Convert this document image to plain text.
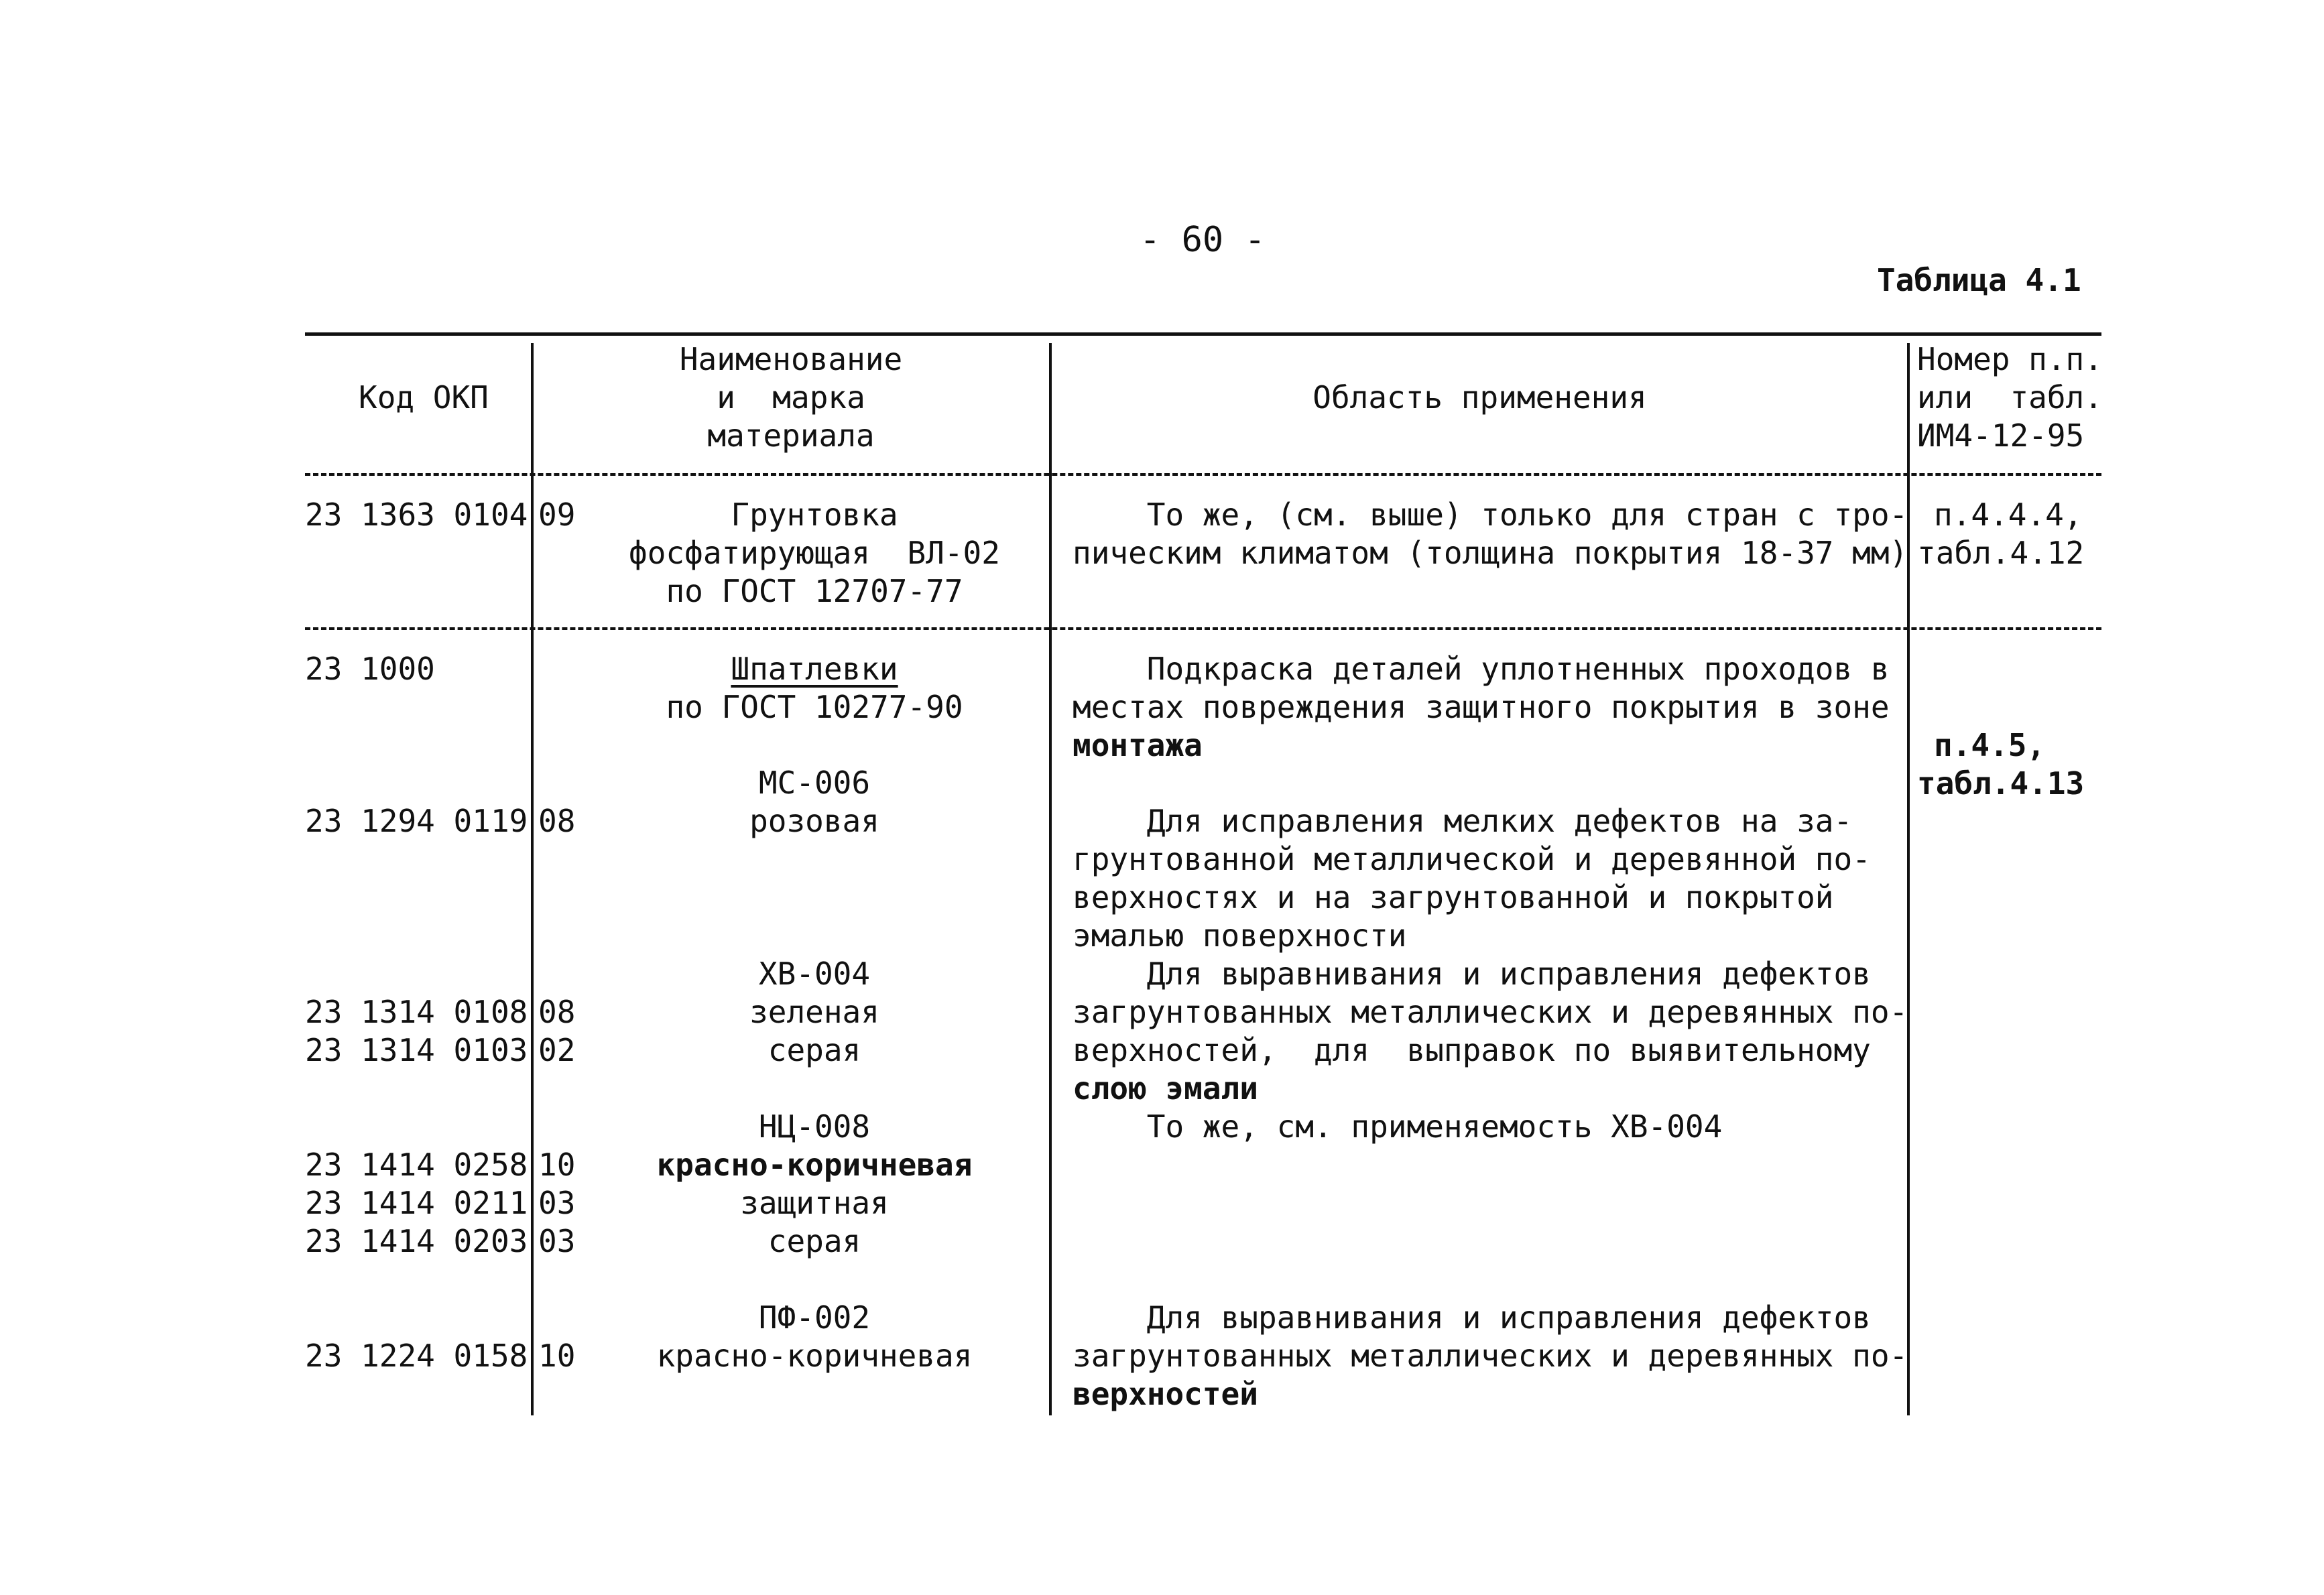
- 60 -
Таблица 4.1
Код ОКП
Наименование
и  марка
материала
Область применения
Номер п.п.
или  табл.
ИМ4-12-95
23 1363 0104
23 1000
23 1294 0119
23 1314 0108
23 1314 0103
23 1414 0258
23 1414 0211
23 1414 0203
23 1224 0158
09
08
08
02
10
03
03
10
Грунтовка
фосфатирующая  ВЛ-02
по ГОСТ 12707-77
Шпатлевки
по ГОСТ 10277-90
МС-006
розовая
ХВ-004
зеленая
серая
НЦ-008
красно-коричневая
защитная
серая
ПФ-002
красно-коричневая
То же, (см. выше) только для стран с тро-
пическим климатом (толщина покрытия 18-37 мм)
Подкраска деталей уплотненных проходов в
местах повреждения защитного покрытия в зоне
монтажа
Для исправления мелких дефектов на за-
грунтованной металлической и деревянной по-
верхностях и на загрунтованной и покрытой
эмалью поверхности
Для выравнивания и исправления дефектов
загрунтованных металлических и деревянных по-
верхностей,  для  выправок по выявительному
слою эмали
То же, см. применяемость ХВ-004
Для выравнивания и исправления дефектов
загрунтованных металлических и деревянных по-
верхностей
п.4.4.4,
табл.4.12
п.4.5,
табл.4.13
